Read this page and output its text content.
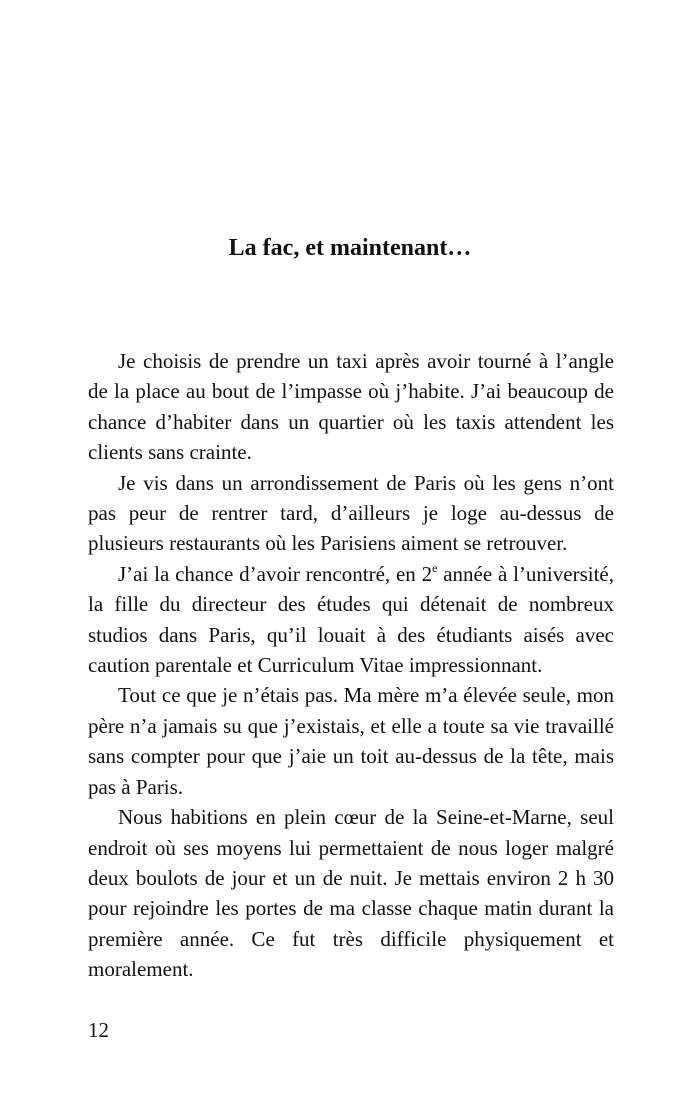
La fac, et maintenant…

Je choisis de prendre un taxi après avoir tourné à l’angle de la place au bout de l’impasse où j’habite. J’ai beaucoup de chance d’habiter dans un quartier où les taxis attendent les clients sans crainte.

Je vis dans un arrondissement de Paris où les gens n’ont pas peur de rentrer tard, d’ailleurs je loge au-dessus de plusieurs restaurants où les Parisiens aiment se retrouver.

J’ai la chance d’avoir rencontré, en 2e année à l’université, la fille du directeur des études qui détenait de nombreux studios dans Paris, qu’il louait à des étudiants aisés avec caution parentale et Curriculum Vitae impressionnant.

Tout ce que je n’étais pas. Ma mère m’a élevée seule, mon père n’a jamais su que j’existais, et elle a toute sa vie travaillé sans compter pour que j’aie un toit au-dessus de la tête, mais pas à Paris.

Nous habitions en plein cœur de la Seine-et-Marne, seul endroit où ses moyens lui permettaient de nous loger malgré deux boulots de jour et un de nuit. Je mettais environ 2 h 30 pour rejoindre les portes de ma classe chaque matin durant la première année. Ce fut très difficile physiquement et moralement.

12
